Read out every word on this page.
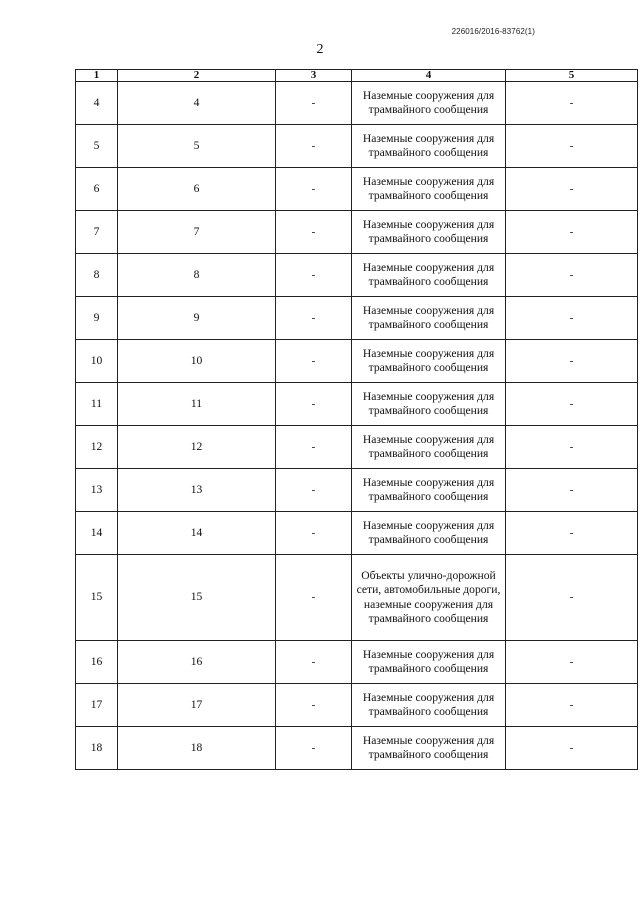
226016/2016-83762(1)
2
1	2	3	4	5
4	4	-	Наземные сооружения для трамвайного сообщения	-
5	5	-	Наземные сооружения для трамвайного сообщения	-
6	6	-	Наземные сооружения для трамвайного сообщения	-
7	7	-	Наземные сооружения для трамвайного сообщения	-
8	8	-	Наземные сооружения для трамвайного сообщения	-
9	9	-	Наземные сооружения для трамвайного сообщения	-
10	10	-	Наземные сооружения для трамвайного сообщения	-
11	11	-	Наземные сооружения для трамвайного сообщения	-
12	12	-	Наземные сооружения для трамвайного сообщения	-
13	13	-	Наземные сооружения для трамвайного сообщения	-
14	14	-	Наземные сооружения для трамвайного сообщения	-
15	15	-	Объекты улично-дорожной сети, автомобильные дороги, наземные сооружения для трамвайного сообщения	-
16	16	-	Наземные сооружения для трамвайного сообщения	-
17	17	-	Наземные сооружения для трамвайного сообщения	-
18	18	-	Наземные сооружения для трамвайного сообщения	-
